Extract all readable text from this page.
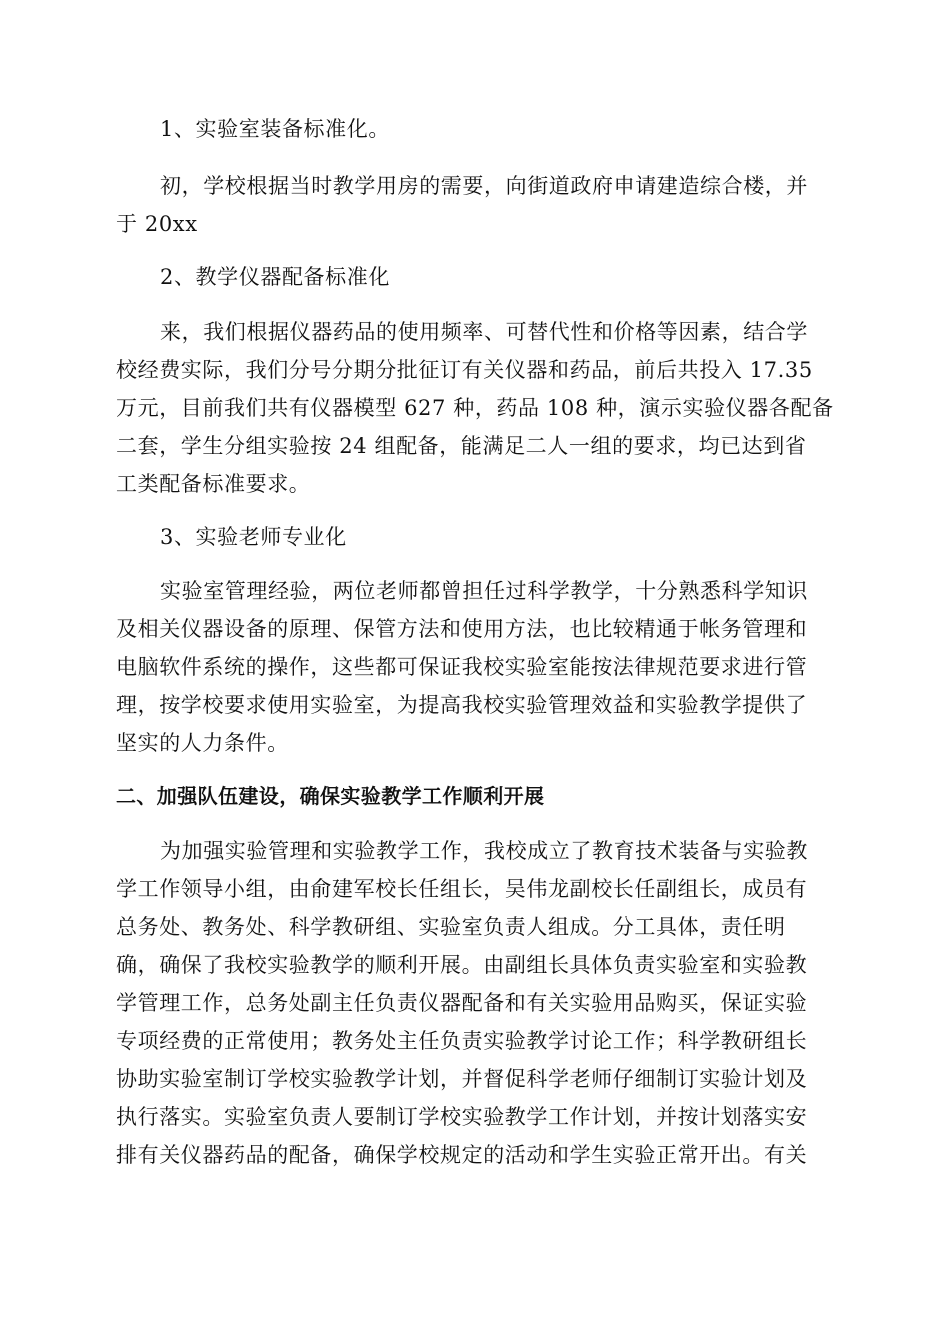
1、实验室装备标准化。

初，学校根据当时教学用房的需要，向街道政府申请建造综合楼，并
于 20xx

2、教学仪器配备标准化

来，我们根据仪器药品的使用频率、可替代性和价格等因素，结合学
校经费实际，我们分号分期分批征订有关仪器和药品，前后共投入 17.35
万元，目前我们共有仪器模型 627 种，药品 108 种，演示实验仪器各配备
二套，学生分组实验按 24 组配备，能满足二人一组的要求，均已达到省
工类配备标准要求。

3、实验老师专业化

实验室管理经验，两位老师都曾担任过科学教学，十分熟悉科学知识
及相关仪器设备的原理、保管方法和使用方法，也比较精通于帐务管理和
电脑软件系统的操作，这些都可保证我校实验室能按法律规范要求进行管
理，按学校要求使用实验室，为提高我校实验管理效益和实验教学提供了
坚实的人力条件。

二、加强队伍建设，确保实验教学工作顺利开展

为加强实验管理和实验教学工作，我校成立了教育技术装备与实验教
学工作领导小组，由俞建军校长任组长，吴伟龙副校长任副组长，成员有
总务处、教务处、科学教研组、实验室负责人组成。分工具体，责任明
确，确保了我校实验教学的顺利开展。由副组长具体负责实验室和实验教
学管理工作，总务处副主任负责仪器配备和有关实验用品购买，保证实验
专项经费的正常使用；教务处主任负责实验教学讨论工作；科学教研组长
协助实验室制订学校实验教学计划，并督促科学老师仔细制订实验计划及
执行落实。实验室负责人要制订学校实验教学工作计划，并按计划落实安
排有关仪器药品的配备，确保学校规定的活动和学生实验正常开出。有关
